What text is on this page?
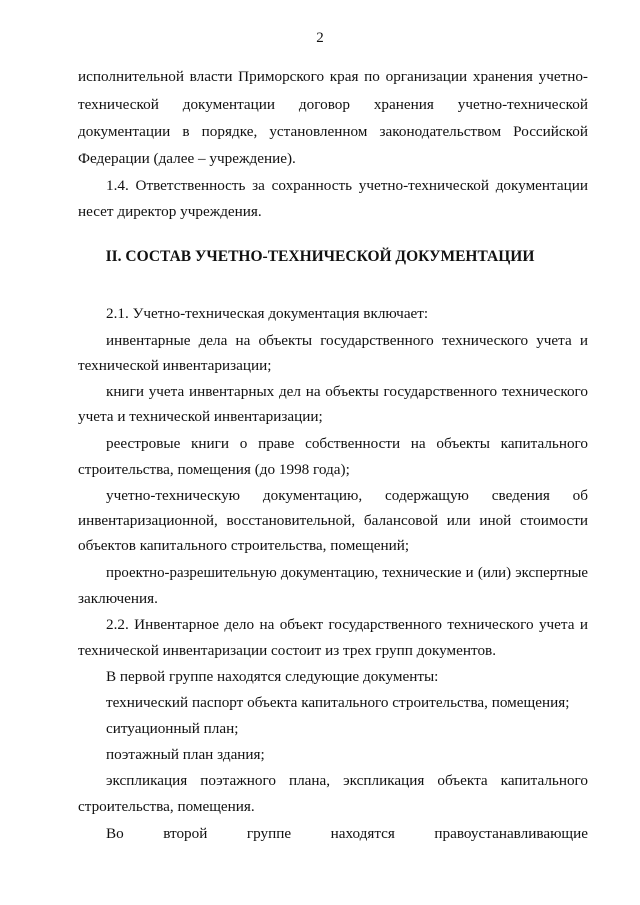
2
исполнительной власти Приморского края по организации хранения учетно-
технической документации договор хранения учетно-технической
документации в порядке, установленном законодательством Российской
Федерации (далее – учреждение).
1.4. Ответственность за сохранность учетно-технической документации
несет директор учреждения.
2.1. Учетно-техническая документация включает:
инвентарные дела на объекты государственного технического учета и
технической инвентаризации;
книги учета инвентарных дел на объекты государственного технического
учета и технической инвентаризации;
реестровые книги о праве собственности на объекты капитального
строительства, помещения (до 1998 года);
учетно-техническую документацию, содержащую сведения об
инвентаризационной, восстановительной, балансовой или иной стоимости
объектов капитального строительства, помещений;
проектно-разрешительную документацию, технические и (или) экспертные
заключения.
2.2. Инвентарное дело на объект государственного технического учета и
технической инвентаризации состоит из трех групп документов.
В первой группе находятся следующие документы:
технический паспорт объекта капитального строительства, помещения;
ситуационный план;
поэтажный план здания;
экспликация поэтажного плана, экспликация объекта капитального
строительства, помещения.
Во второй группе находятся правоустанавливающие
II. СОСТАВ УЧЕТНО-ТЕХНИЧЕСКОЙ ДОКУМЕНТАЦИИ
